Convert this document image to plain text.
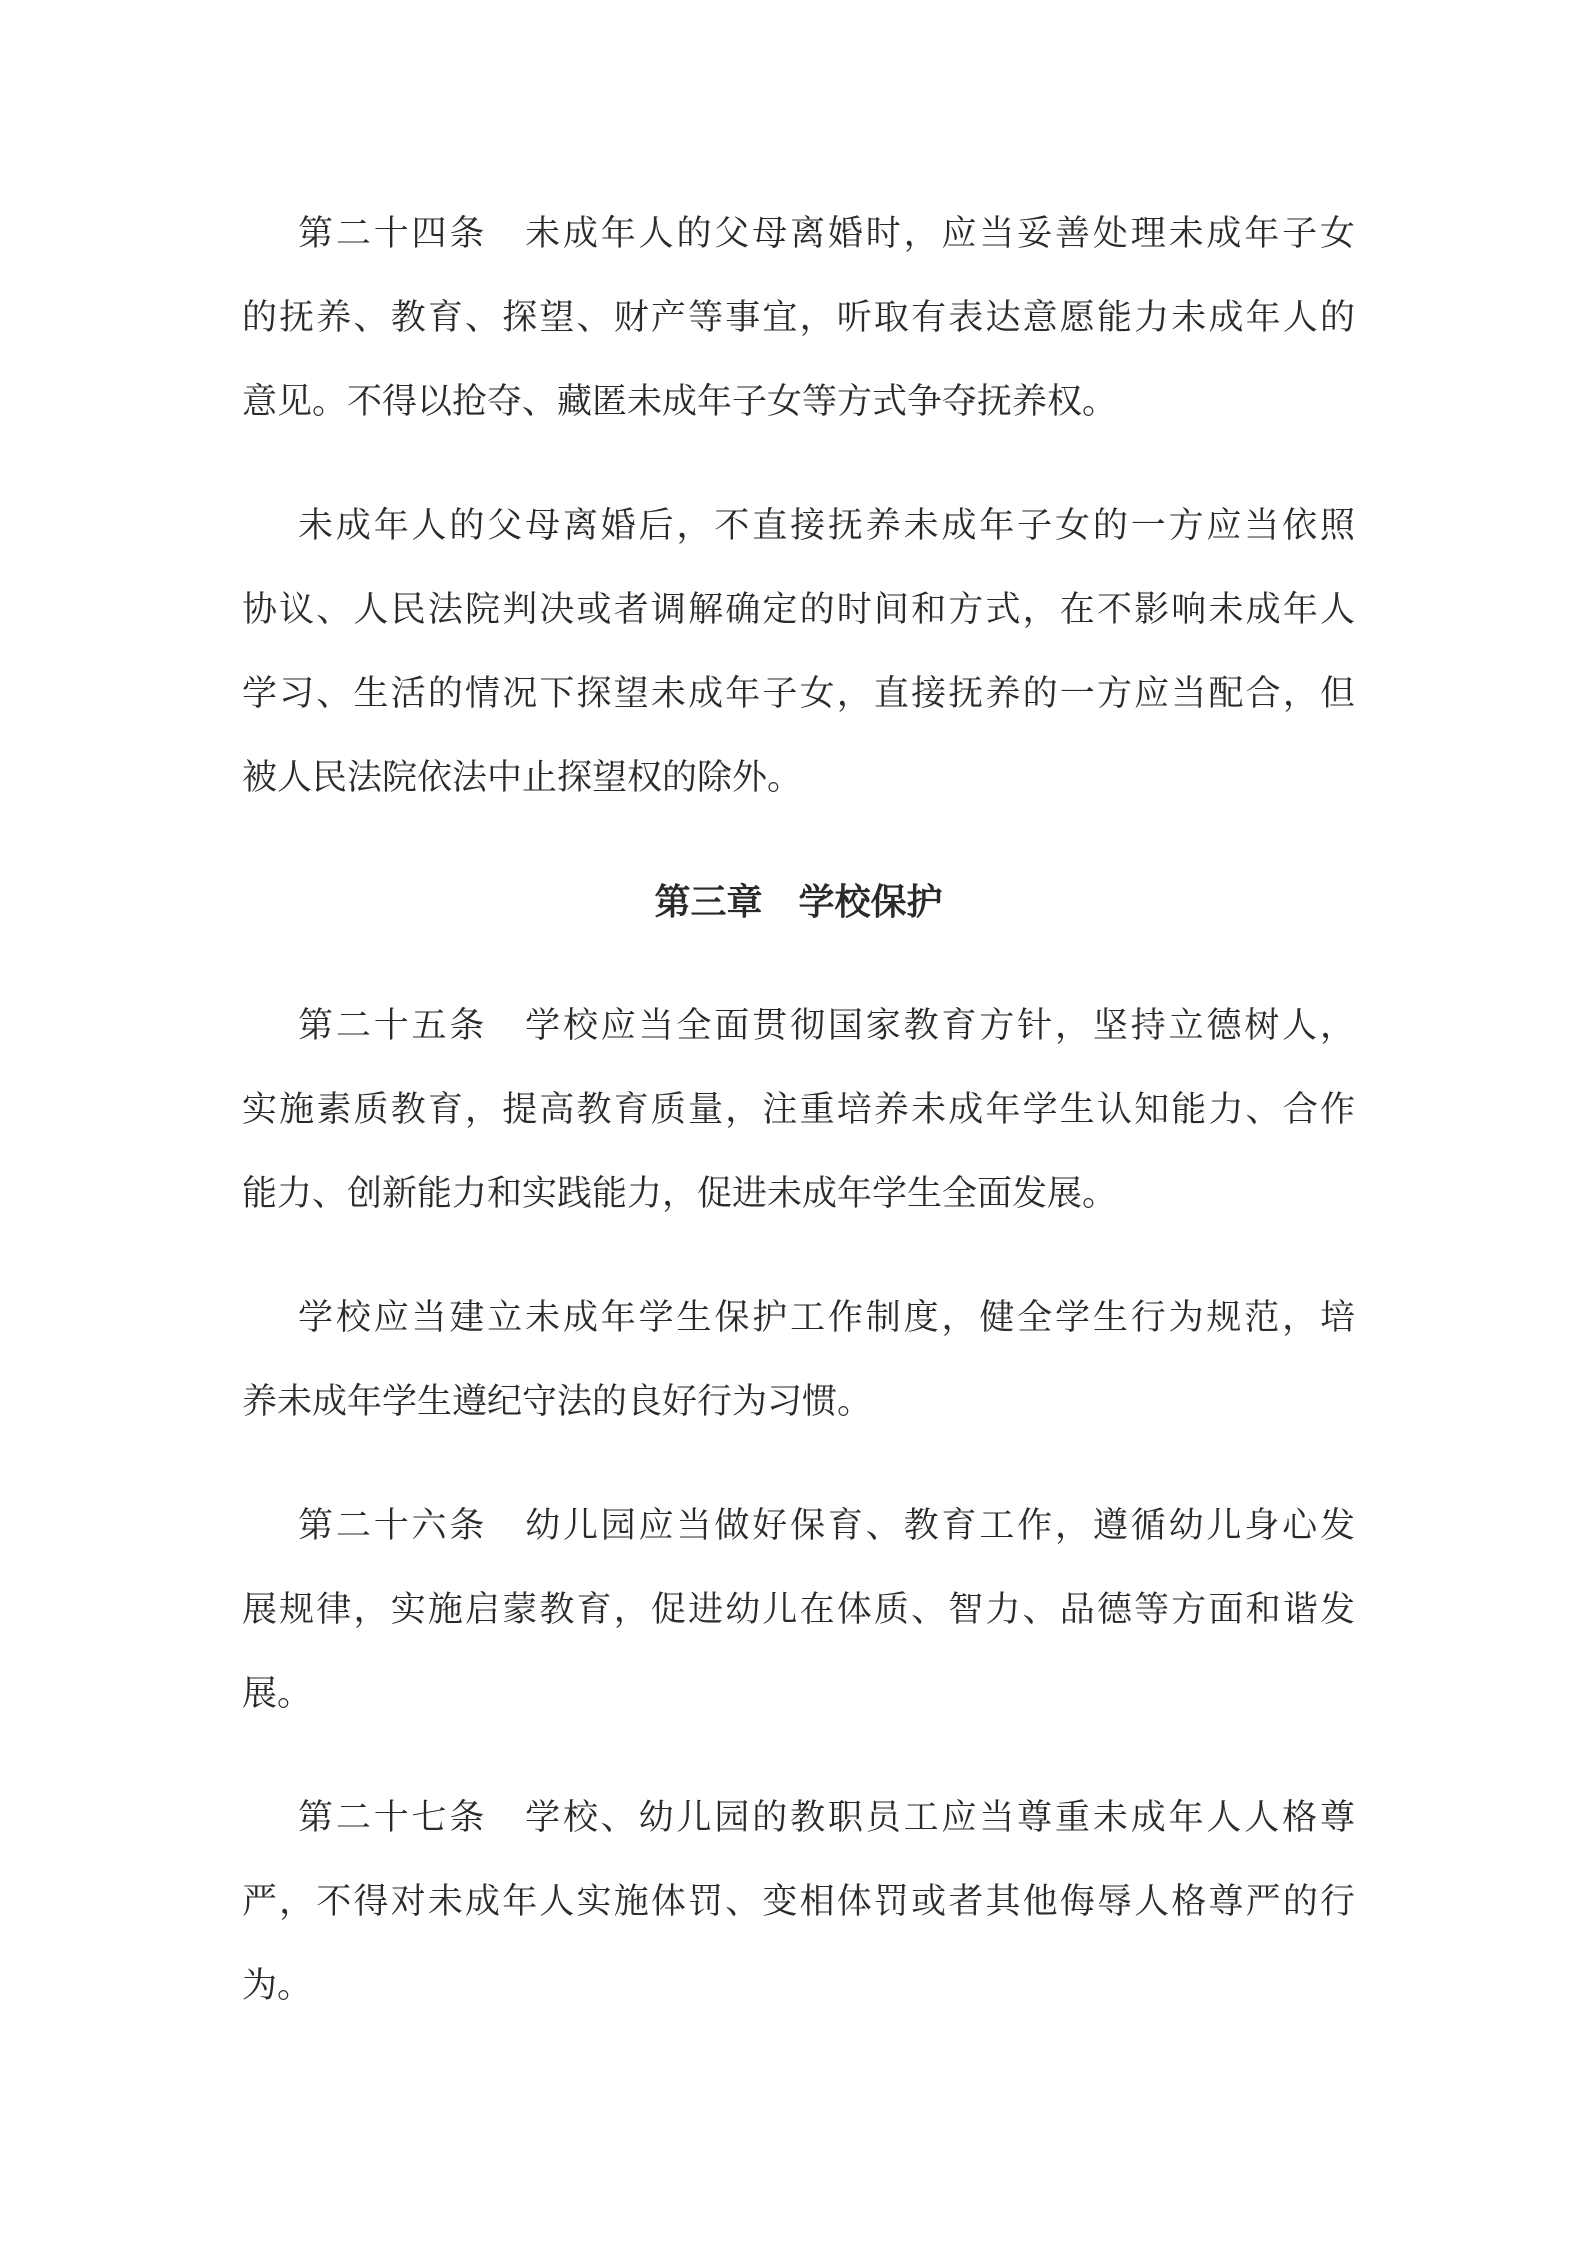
第二十四条　未成年人的父母离婚时，应当妥善处理未成年子女
的抚养、教育、探望、财产等事宜，听取有表达意愿能力未成年人的
意见。不得以抢夺、藏匿未成年子女等方式争夺抚养权。
未成年人的父母离婚后，不直接抚养未成年子女的一方应当依照
协议、人民法院判决或者调解确定的时间和方式，在不影响未成年人
学习、生活的情况下探望未成年子女，直接抚养的一方应当配合，但
被人民法院依法中止探望权的除外。
第三章　学校保护
第二十五条　学校应当全面贯彻国家教育方针，坚持立德树人，
实施素质教育，提高教育质量，注重培养未成年学生认知能力、合作
能力、创新能力和实践能力，促进未成年学生全面发展。
学校应当建立未成年学生保护工作制度，健全学生行为规范，培
养未成年学生遵纪守法的良好行为习惯。
第二十六条　幼儿园应当做好保育、教育工作，遵循幼儿身心发
展规律，实施启蒙教育，促进幼儿在体质、智力、品德等方面和谐发
展。
第二十七条　学校、幼儿园的教职员工应当尊重未成年人人格尊
严，不得对未成年人实施体罚、变相体罚或者其他侮辱人格尊严的行
为。
